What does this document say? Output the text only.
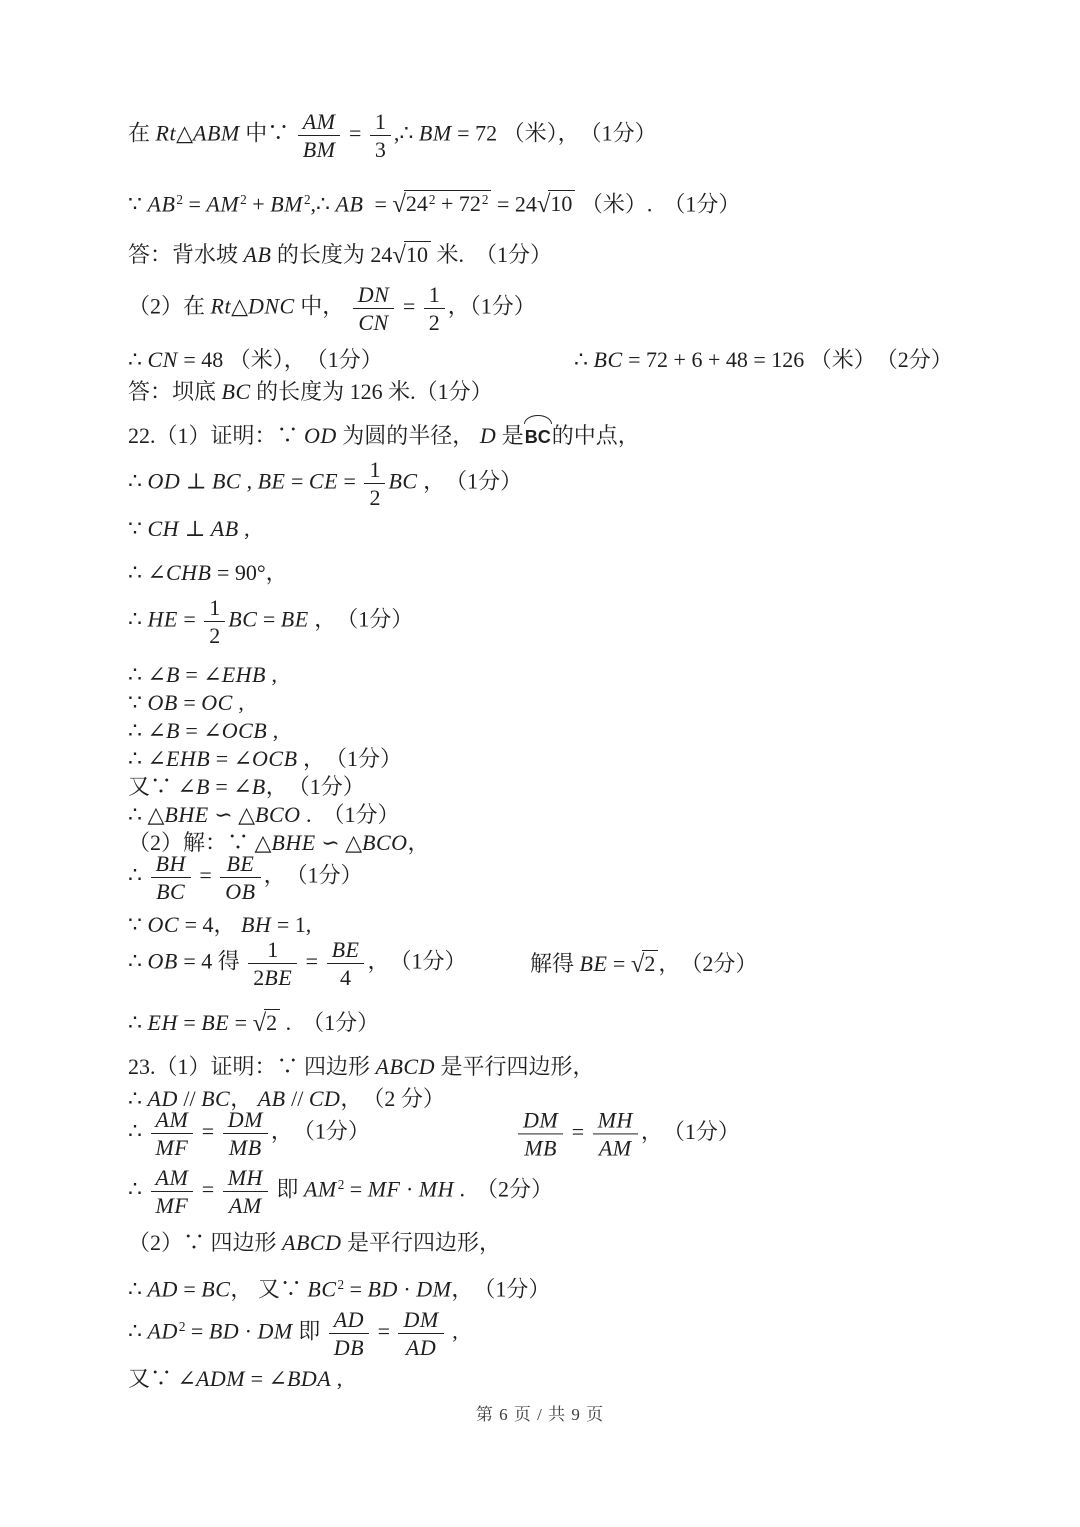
在 Rt△ABM 中∵ $\frac{AM}{BM} = \frac{1}{3}$ ,∴ BM = 72 （米），　（1分）
∵ $AB^2 = AM^2$ + $BM^2,\therefore$ AB  = $√24^2 + 72^2 = 24√10$ （米）.　（1分）
答：背水坡 AB 的长度为 24√10 米.　（1分）
（2）在 Rt△DNC 中， $\frac{DN}{CN} = \frac{1}{2}$ ，（1分）
∴ CN = 48 （米），　（1分）	∴ BC = 72 + 6 + 48 = 126 （米）　（2分）
答：坝底 BC 的长度为 126 米.（1分）
22.（1）证明：∵ OD 为圆的半径， D 是BC的中点，
∴ OD ⊥ BC , BE = CE = $\frac{1}{2}$ BC ，　（1分）
∵ CH ⊥ AB ,
∴ ∠CHB = 90°，
∴ HE = $\frac{1}{2}$ BC = BE ，　（1分）
∴ ∠B = ∠EHB ,
∵ OB = OC ,
∴ ∠B = ∠OCB ,
∴ ∠EHB = ∠OCB ，　（1分）
又∵ ∠B = ∠B，　（1分）
∴ △BHE ∽ △BCO .　（1分）
（2）解：∵ △BHE ∽ △BCO，
∴ $\frac{BH}{BC} = \frac{BE}{OB}$ ，　（1分）
∵ OC = 4， BH = 1,
∴ OB = 4 得 $\frac{1}{2BE} = \frac{BE}{4}$ ，　（1分）	解得 BE = √2 ，　（2分）
∴ EH = BE = √2 .　（1分）
23.（1）证明：∵ 四边形 ABCD 是平行四边形，
∴ AD // BC， AB // CD，　（2 分）
∴ $\frac{AM}{MF} = \frac{DM}{MB}$ ，　（1分）	$\frac{DM}{MB} = \frac{MH}{AM}$ ，　（1分）
∴ $\frac{AM}{MF} = \frac{MH}{AM}$ 即 $AM^2$ = MF · MH .　（2分）
（2）∵ 四边形 ABCD 是平行四边形，
∴ AD = BC， 又∵ $BC^2$ = BD · DM，　（1分）
∴ $AD^2$ = BD · DM 即 $\frac{AD}{DB} = \frac{DM}{AD}$ ,
又∵ ∠ADM = ∠BDA ,
第 6 页 / 共 9 页
